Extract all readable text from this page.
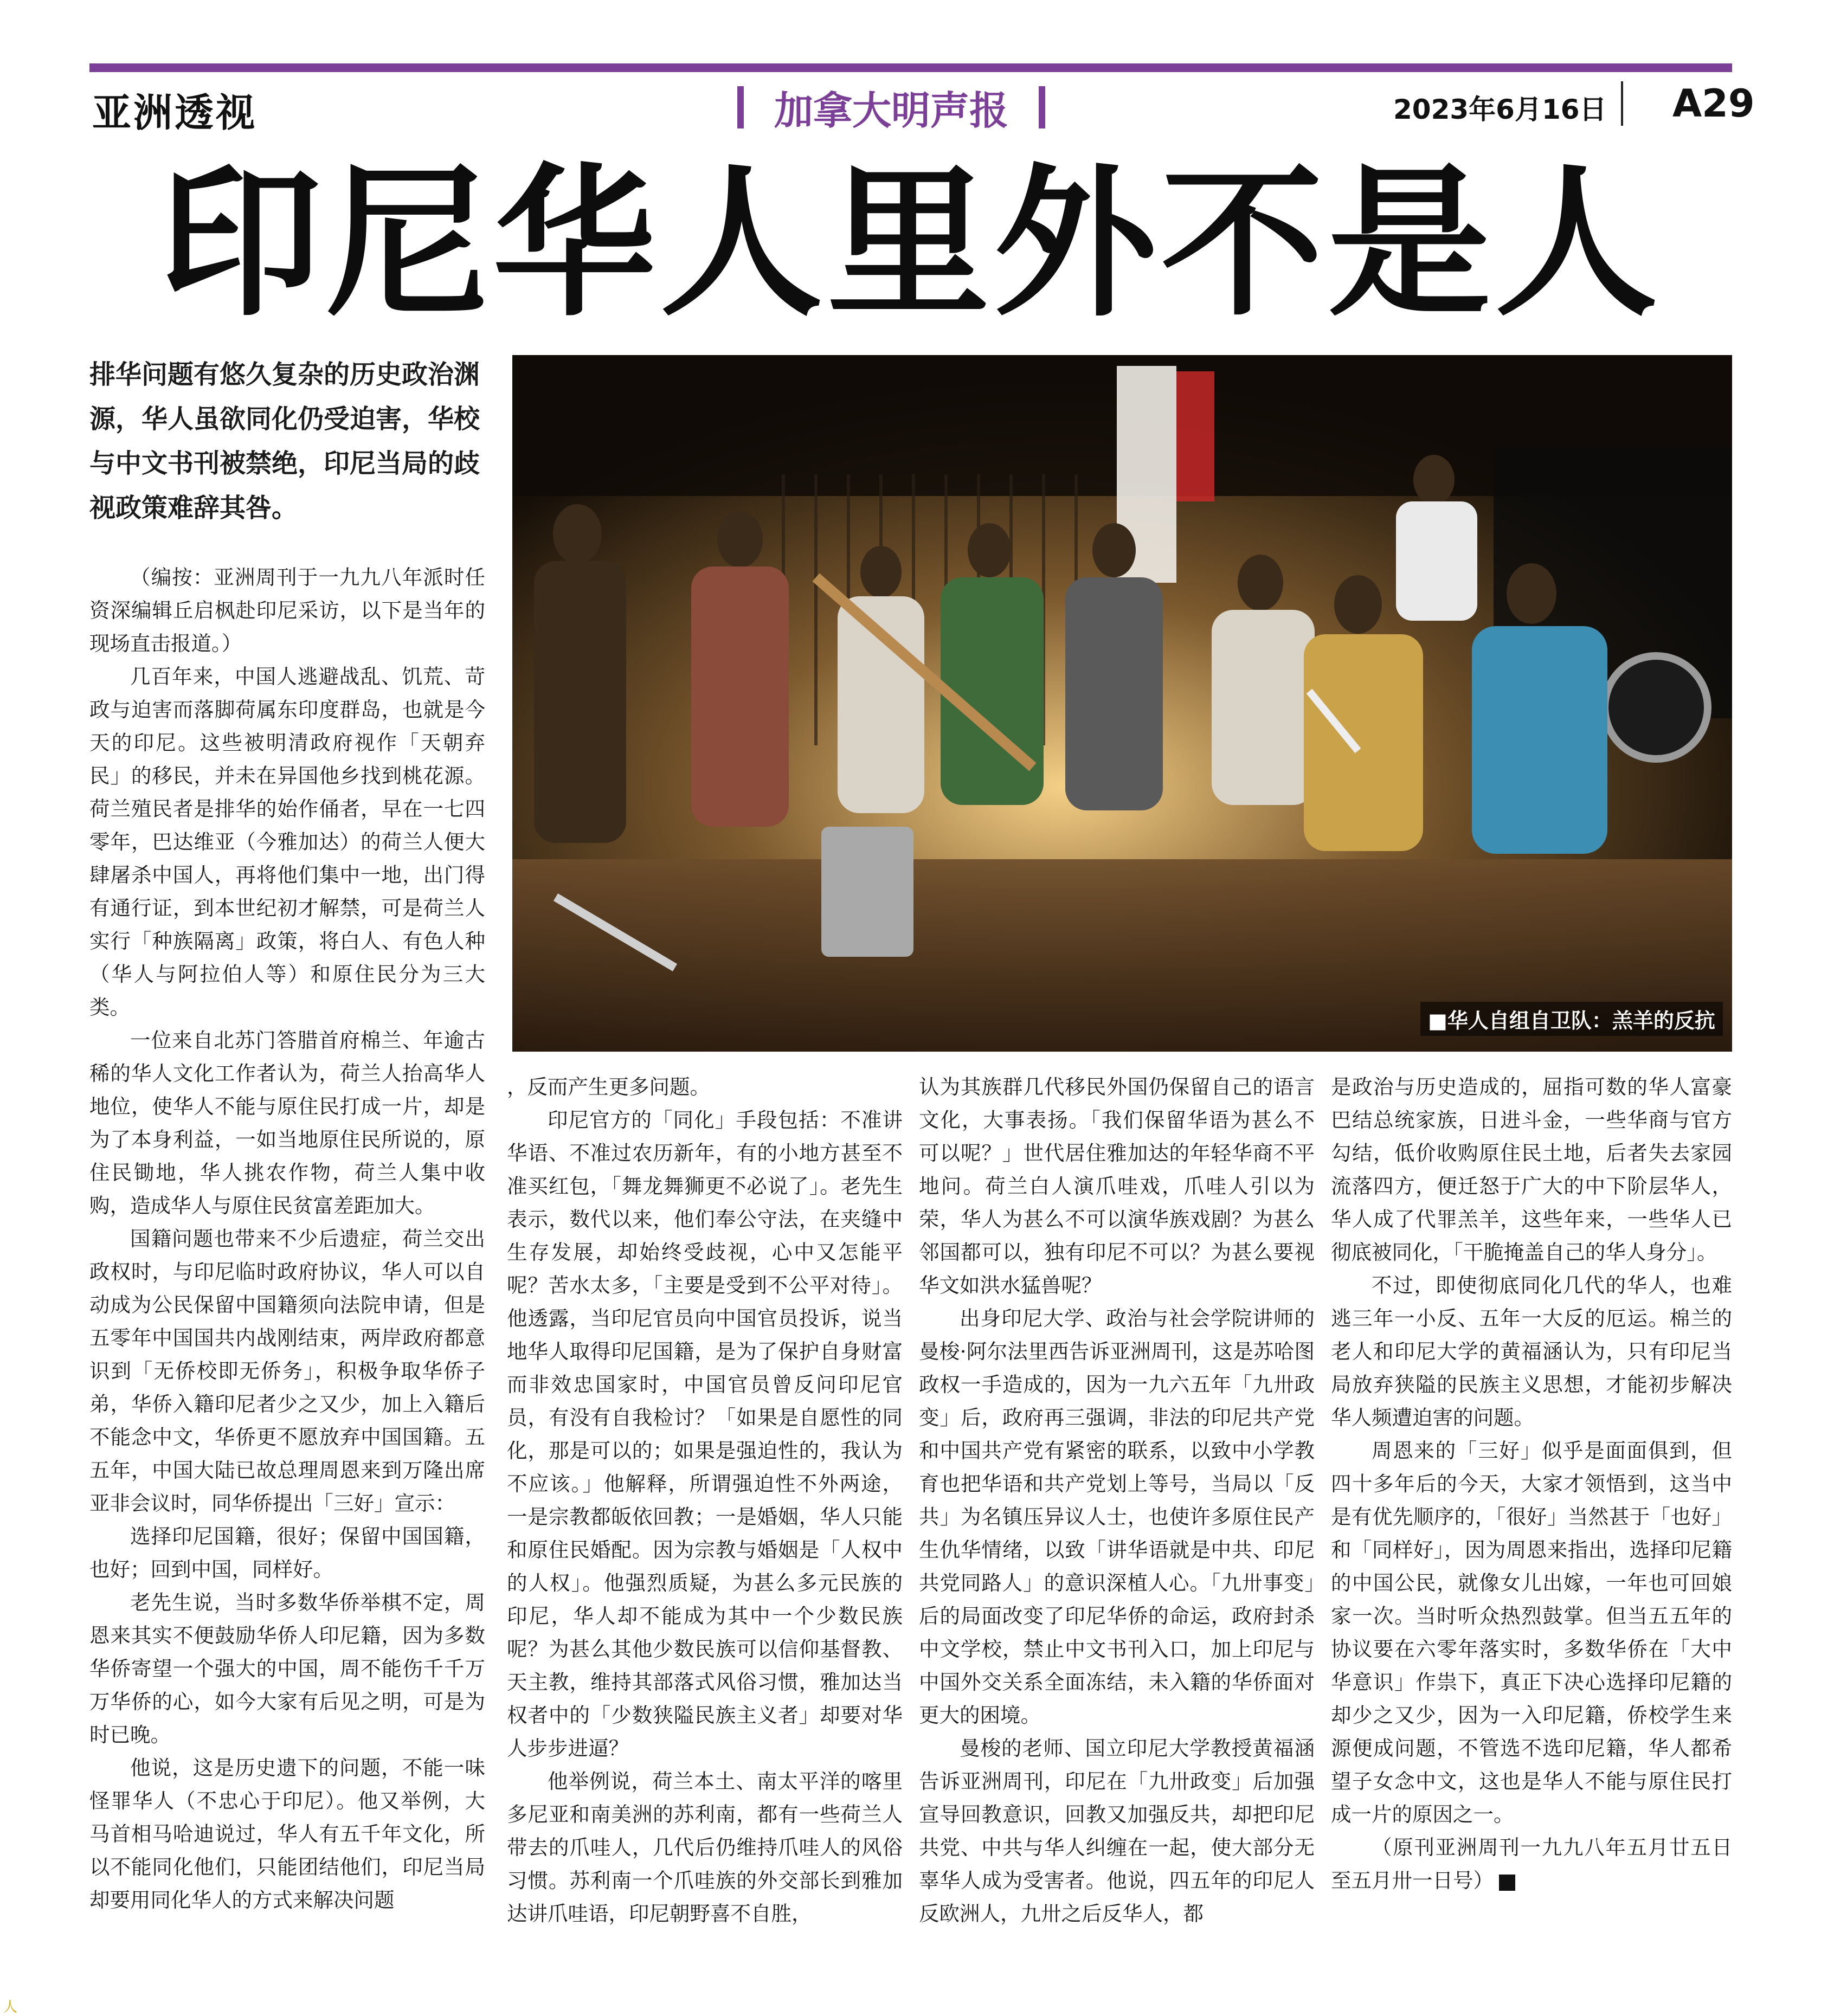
亚洲透视	加拿大 明声报	2023年6月16日 A29
印尼华人里外不是人
排华问题有悠久复杂的历史政治渊源，华人虽欲同化仍受迫害，华校与中文书刊被禁绝，印尼当局的歧视政策难辞其咎。
■华人自组自卫队：羔羊的反抗

（编按：亚洲周刊于一九九八年派时任资深编辑丘启枫赴印尼采访，以下是当年的现场直击报道。）

几百年来，中国人逃避战乱、饥荒、苛政与迫害而落脚荷属东印度群岛，也就是今天的印尼。这些被明清政府视作「天朝弃民」的移民，并未在异国他乡找到桃花源。荷兰殖民者是排华的始作俑者，早在一七四零年，巴达维亚（今雅加达）的荷兰人便大肆屠杀中国人，再将他们集中一地，出门得有通行证，到本世纪初才解禁，可是荷兰人实行「种族隔离」政策，将白人、有色人种（华人与阿拉伯人等）和原住民分为三大类。

一位来自北苏门答腊首府棉兰、年逾古稀的华人文化工作者认为，荷兰人抬高华人地位，使华人不能与原住民打成一片，却是为了本身利益，一如当地原住民所说的，原住民锄地，华人挑农作物，荷兰人集中收购，造成华人与原住民贫富差距加大。

国籍问题也带来不少后遗症，荷兰交出政权时，与印尼临时政府协议，华人可以自动成为公民保留中国籍须向法院申请，但是五零年中国国共内战刚结束，两岸政府都意识到「无侨校即无侨务」，积极争取华侨子弟，华侨入籍印尼者少之又少，加上入籍后不能念中文，华侨更不愿放弃中国国籍。五五年，中国大陆已故总理周恩来到万隆出席亚非会议时，同华侨提出「三好」宣示：

选择印尼国籍，很好；保留中国国籍，也好；回到中国，同样好。

老先生说，当时多数华侨举棋不定，周恩来其实不便鼓励华侨人印尼籍，因为多数华侨寄望一个强大的中国，周不能伤千千万万华侨的心，如今大家有后见之明，可是为时已晚。

他说，这是历史遗下的问题，不能一味怪罪华人（不忠心于印尼）。他又举例，大马首相马哈迪说过，华人有五千年文化，所以不能同化他们，只能团结他们，印尼当局却要用同化华人的方式来解决问题

，反而产生更多问题。

印尼官方的「同化」手段包括：不准讲华语、不准过农历新年，有的小地方甚至不准买红包，「舞龙舞狮更不必说了」。老先生表示，数代以来，他们奉公守法，在夹缝中生存发展，却始终受歧视，心中又怎能平呢？苦水太多，「主要是受到不公平对待」。他透露，当印尼官员向中国官员投诉，说当地华人取得印尼国籍，是为了保护自身财富而非效忠国家时，中国官员曾反问印尼官员，有没有自我检讨？「如果是自愿性的同化，那是可以的；如果是强迫性的，我认为不应该。」他解释，所谓强迫性不外两途，一是宗教都皈依回教；一是婚姻，华人只能和原住民婚配。因为宗教与婚姻是「人权中的人权」。他强烈质疑，为甚么多元民族的印尼，华人却不能成为其中一个少数民族呢？为甚么其他少数民族可以信仰基督教、天主教，维持其部落式风俗习惯，雅加达当权者中的「少数狭隘民族主义者」却要对华人步步进逼？

他举例说，荷兰本土、南太平洋的喀里多尼亚和南美洲的苏利南，都有一些荷兰人带去的爪哇人，几代后仍维持爪哇人的风俗习惯。苏利南一个爪哇族的外交部长到雅加达讲爪哇语，印尼朝野喜不自胜，

认为其族群几代移民外国仍保留自己的语言文化，大事表扬。「我们保留华语为甚么不可以呢？」世代居住雅加达的年轻华商不平地问。荷兰白人演爪哇戏，爪哇人引以为荣，华人为甚么不可以演华族戏剧？为甚么邻国都可以，独有印尼不可以？为甚么要视华文如洪水猛兽呢？

出身印尼大学、政治与社会学院讲师的曼梭·阿尔法里西告诉亚洲周刊，这是苏哈图政权一手造成的，因为一九六五年「九卅政变」后，政府再三强调，非法的印尼共产党和中国共产党有紧密的联系，以致中小学教育也把华语和共产党划上等号，当局以「反共」为名镇压异议人士，也使许多原住民产生仇华情绪，以致「讲华语就是中共、印尼共党同路人」的意识深植人心。「九卅事变」后的局面改变了印尼华侨的命运，政府封杀中文学校，禁止中文书刊入口，加上印尼与中国外交关系全面冻结，未入籍的华侨面对更大的困境。

曼梭的老师、国立印尼大学教授黄福涵告诉亚洲周刊，印尼在「九卅政变」后加强宣导回教意识，回教又加强反共，却把印尼共党、中共与华人纠缠在一起，使大部分无辜华人成为受害者。他说，四五年的印尼人反欧洲人，九卅之后反华人，都

是政治与历史造成的，屈指可数的华人富豪巴结总统家族，日进斗金，一些华商与官方勾结，低价收购原住民土地，后者失去家园流落四方，便迁怒于广大的中下阶层华人，华人成了代罪羔羊，这些年来，一些华人已彻底被同化，「干脆掩盖自己的华人身分」。

不过，即使彻底同化几代的华人，也难逃三年一小反、五年一大反的厄运。棉兰的老人和印尼大学的黄福涵认为，只有印尼当局放弃狭隘的民族主义思想，才能初步解决华人频遭迫害的问题。

周恩来的「三好」似乎是面面俱到，但四十多年后的今天，大家才领悟到，这当中是有优先顺序的，「很好」当然甚于「也好」和「同样好」，因为周恩来指出，选择印尼籍的中国公民，就像女儿出嫁，一年也可回娘家一次。当时听众热烈鼓掌。但当五五年的协议要在六零年落实时，多数华侨在「大中华意识」作祟下，真正下决心选择印尼籍的却少之又少，因为一入印尼籍，侨校学生来源便成问题，不管选不选印尼籍，华人都希望子女念中文，这也是华人不能与原住民打成一片的原因之一。

（原刊亚洲周刊一九九八年五月廿五日至五月卅一日号）

人
